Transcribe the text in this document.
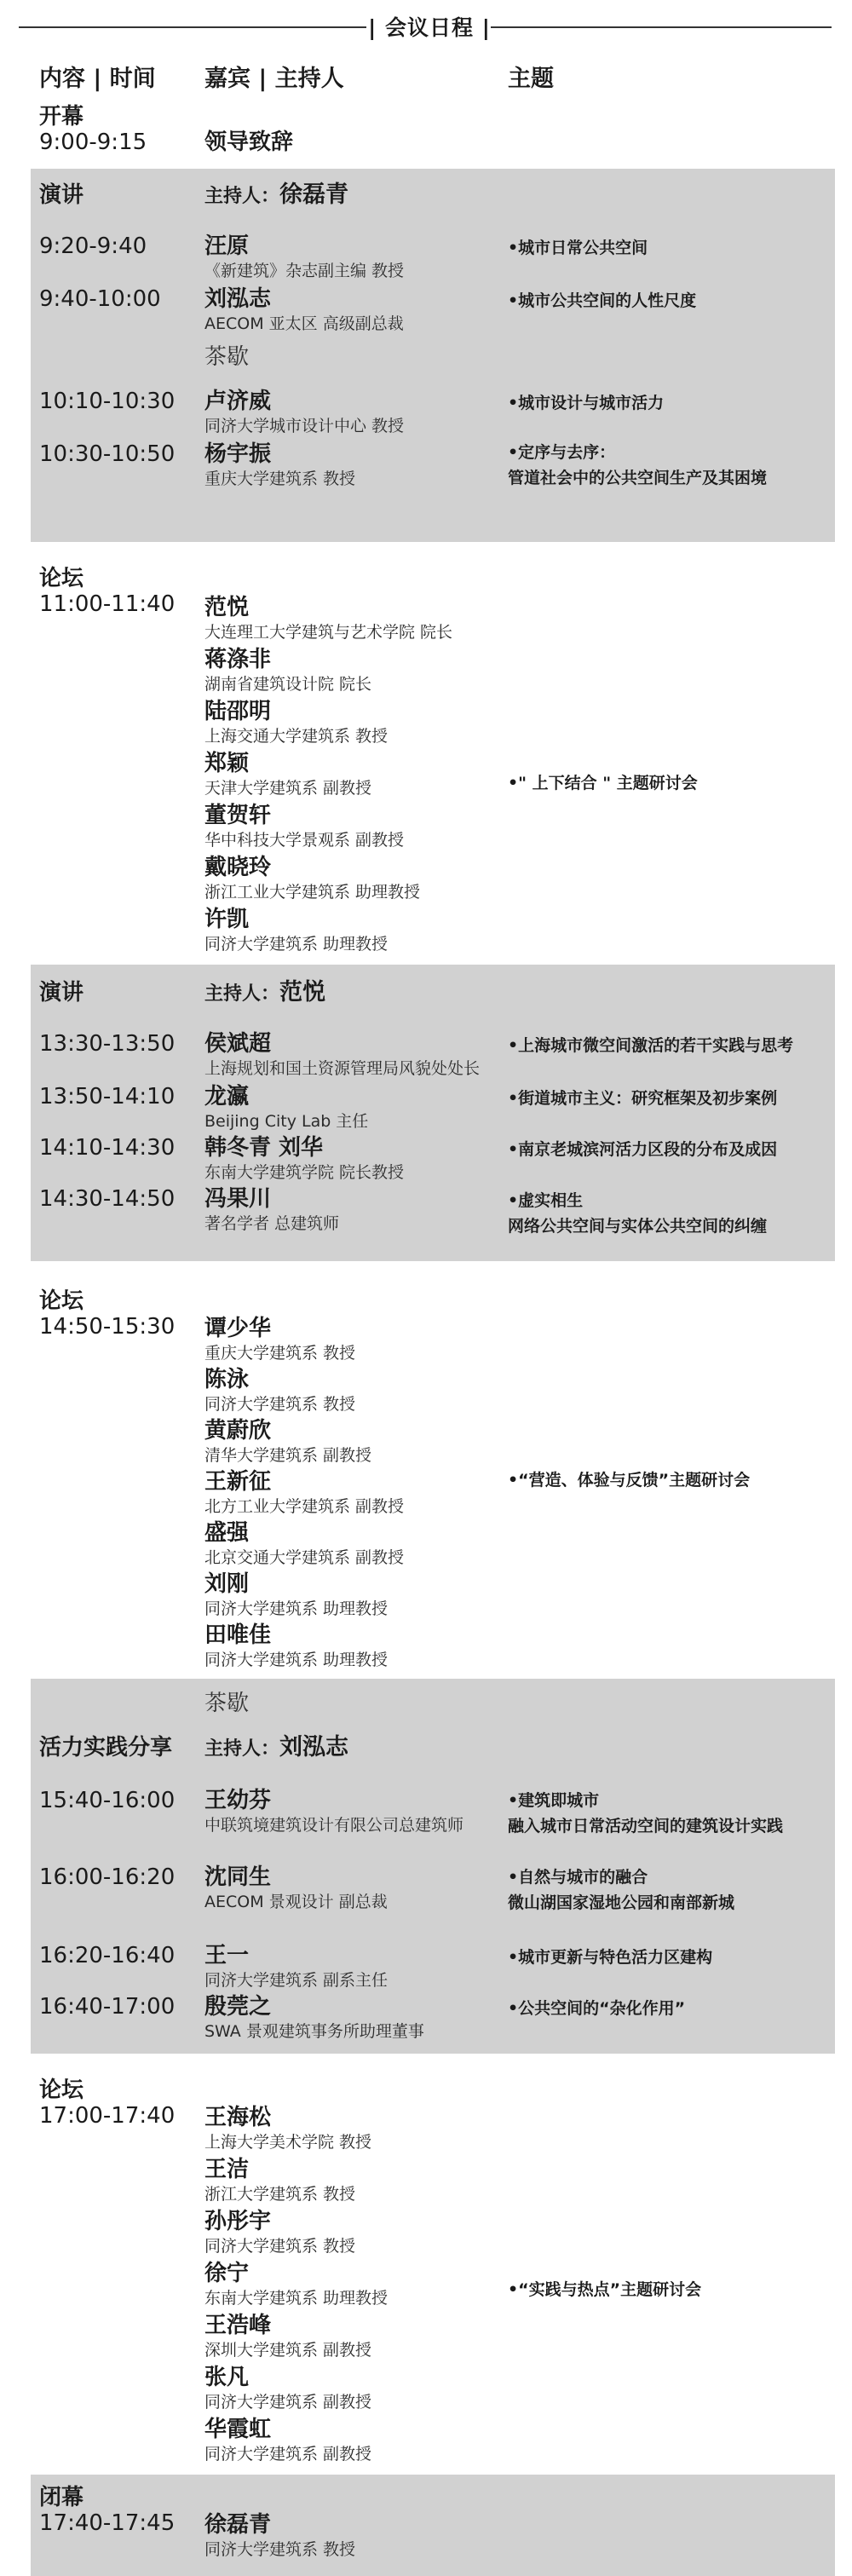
| 会议日程 |
内容 | 时间 嘉宾 | 主持人	主题
开幕
9:00-9:15	领导致辞
演讲	主持人：徐磊青
9:20-9:40	汪原
《新建筑》杂志副主编 教授
•城市日常公共空间
9:40-10:00 刘泓志
AECOM 亚太区 高级副总裁
•城市公共空间的人性尺度
茶歇
10:10-10:30 卢济威
同济大学城市设计中心 教授
•城市设计与城市活力
10:30-10:50 杨宇振
重庆大学建筑系 教授
•定序与去序：
管道社会中的公共空间生产及其困境
论坛
11:00-11:40
•" 上下结合 " 主题研讨会
范悦
大连理工大学建筑与艺术学院 院长
蒋涤非
湖南省建筑设计院 院长
陆邵明
上海交通大学建筑系 教授
郑颖
天津大学建筑系 副教授
董贺轩
华中科技大学景观系 副教授
戴晓玲
浙江工业大学建筑系 助理教授
许凯
同济大学建筑系 助理教授
演讲	主持人：范悦
13:30-13:50 侯斌超
上海规划和国土资源管理局风貌处处长
•上海城市微空间激活的若干实践与思考
13:50-14:10 龙瀛
Beijing City Lab 主任
•街道城市主义：研究框架及初步案例
14:10-14:30 韩冬青 刘华
东南大学建筑学院 院长教授
•南京老城滨河活力区段的分布及成因
14:30-14:50 冯果川
著名学者 总建筑师
•虚实相生
网络公共空间与实体公共空间的纠缠
论坛
14:50-15:30
•“营造、体验与反馈”主题研讨会
谭少华
重庆大学建筑系 教授
陈泳
同济大学建筑系 教授
黄蔚欣
清华大学建筑系 副教授
王新征
北方工业大学建筑系 副教授
盛强
北京交通大学建筑系 副教授
刘刚
同济大学建筑系 助理教授
田唯佳
同济大学建筑系 助理教授
茶歇
活力实践分享 主持人：刘泓志
15:40-16:00 王幼芬
中联筑境建筑设计有限公司总建筑师
•建筑即城市
融入城市日常活动空间的建筑设计实践
16:00-16:20 沈同生
AECOM 景观设计 副总裁
•自然与城市的融合
微山湖国家湿地公园和南部新城
16:20-16:40 王一
同济大学建筑系 副系主任
•城市更新与特色活力区建构
16:40-17:00 殷莞之
SWA 景观建筑事务所助理董事
•公共空间的“杂化作用”
论坛
17:00-17:40
•“实践与热点”主题研讨会
王海松
上海大学美术学院 教授
王洁
浙江大学建筑系 教授
孙彤宇
同济大学建筑系 教授
徐宁
东南大学建筑系 助理教授
王浩峰
深圳大学建筑系 副教授
张凡
同济大学建筑系 副教授
华霞虹
同济大学建筑系 副教授
闭幕
17:40-17:45 徐磊青
同济大学建筑系 教授
